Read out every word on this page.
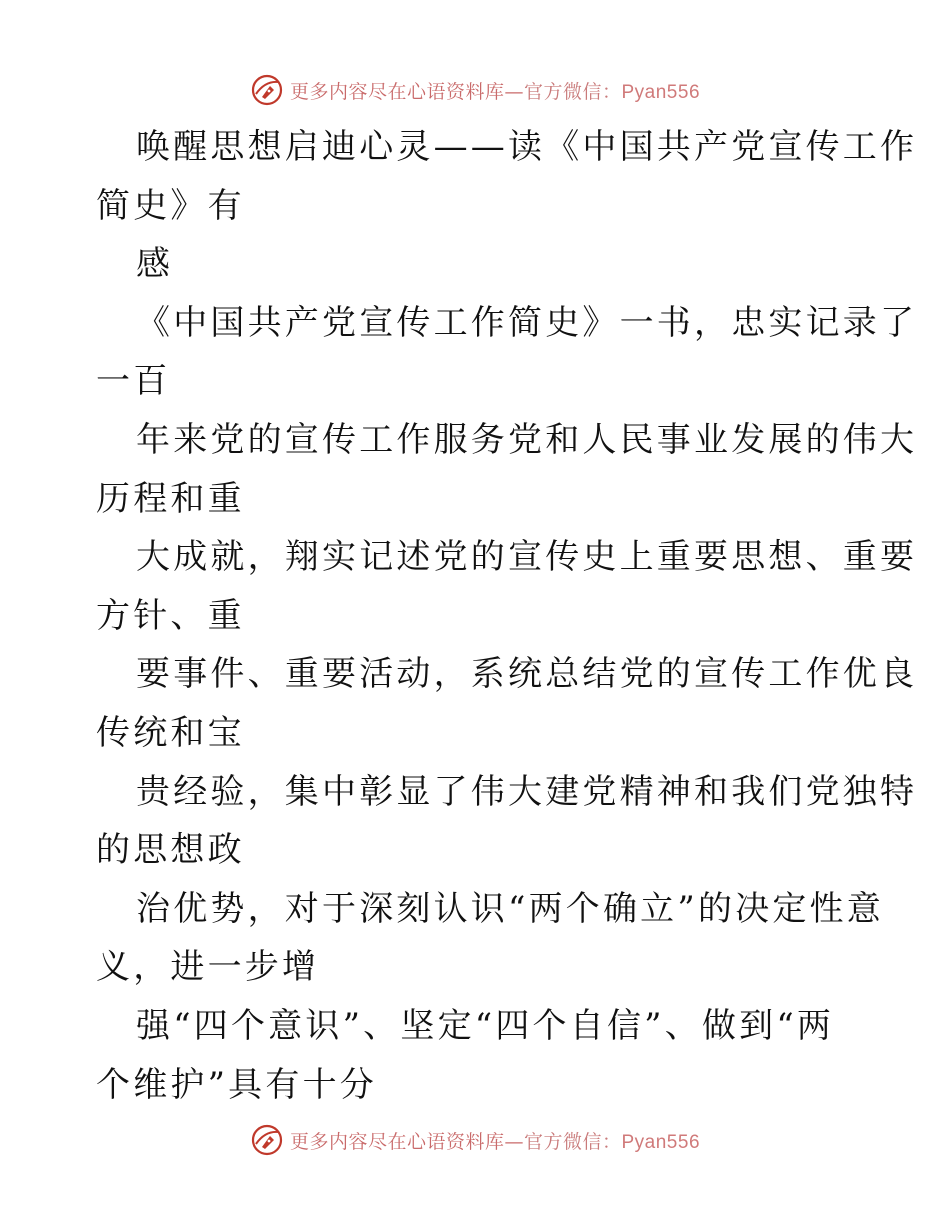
更多内容尽在心语资料库—官方微信：Pyan556
唤醒思想启迪心灵——读《中国共产党宣传工作
简史》有
感
《中国共产党宣传工作简史》一书，忠实记录了
一百
年来党的宣传工作服务党和人民事业发展的伟大
历程和重
大成就，翔实记述党的宣传史上重要思想、重要
方针、重
要事件、重要活动，系统总结党的宣传工作优良
传统和宝
贵经验，集中彰显了伟大建党精神和我们党独特
的思想政
治优势，对于深刻认识“两个确立”的决定性意
义，进一步增
强“四个意识”、坚定“四个自信”、做到“两
个维护”具有十分
更多内容尽在心语资料库—官方微信：Pyan556
